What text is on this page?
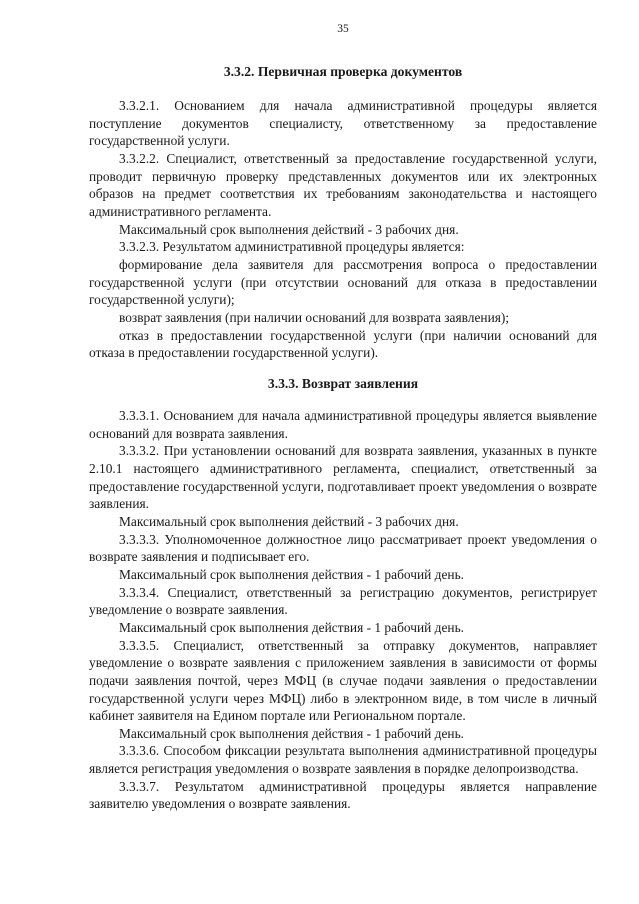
35
3.3.2. Первичная проверка документов

3.3.2.1. Основанием для начала административной процедуры является поступление документов специалисту, ответственному за предоставление государственной услуги.

3.3.2.2. Специалист, ответственный за предоставление государственной услуги, проводит первичную проверку представленных документов или их электронных образов на предмет соответствия их требованиям законодательства и настоящего административного регламента.

Максимальный срок выполнения действий - 3 рабочих дня.

3.3.2.3. Результатом административной процедуры является:

формирование дела заявителя для рассмотрения вопроса о предоставлении государственной услуги (при отсутствии оснований для отказа в предоставлении государственной услуги);

возврат заявления (при наличии оснований для возврата заявления);

отказ в предоставлении государственной услуги (при наличии оснований для отказа в предоставлении государственной услуги).

3.3.3. Возврат заявления

3.3.3.1. Основанием для начала административной процедуры является выявление оснований для возврата заявления.

3.3.3.2. При установлении оснований для возврата заявления, указанных в пункте 2.10.1 настоящего административного регламента, специалист, ответственный за предоставление государственной услуги, подготавливает проект уведомления о возврате заявления.

Максимальный срок выполнения действий - 3 рабочих дня.

3.3.3.3. Уполномоченное должностное лицо рассматривает проект уведомления о возврате заявления и подписывает его.

Максимальный срок выполнения действия - 1 рабочий день.

3.3.3.4. Специалист, ответственный за регистрацию документов, регистрирует уведомление о возврате заявления.

Максимальный срок выполнения действия - 1 рабочий день.

3.3.3.5. Специалист, ответственный за отправку документов, направляет уведомление о возврате заявления с приложением заявления в зависимости от формы подачи заявления почтой, через МФЦ (в случае подачи заявления о предоставлении государственной услуги через МФЦ) либо в электронном виде, в том числе в личный кабинет заявителя на Едином портале или Региональном портале.

Максимальный срок выполнения действия - 1 рабочий день.

3.3.3.6. Способом фиксации результата выполнения административной процедуры является регистрация уведомления о возврате заявления в порядке делопроизводства.

3.3.3.7. Результатом административной процедуры является направление заявителю уведомления о возврате заявления.
